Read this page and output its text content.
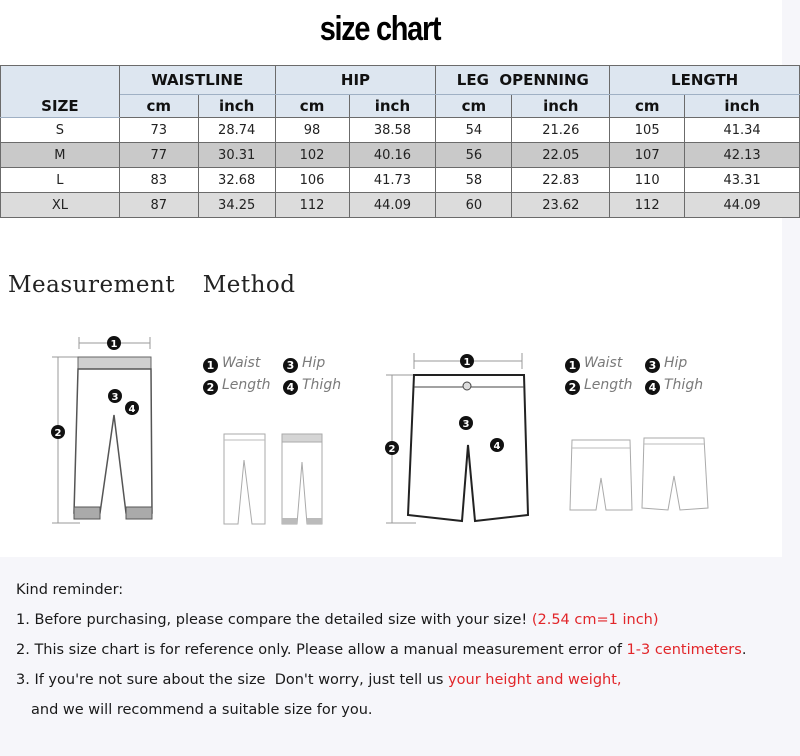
size chart
SIZE	WAISTLINE		HIP		LEG  OPENNING		LENGTH	
	cm	inch	cm	inch	cm	inch	cm	inch
S	73	28.74	98	38.58	54	21.26	105	41.34
M	77	30.31	102	40.16	56	22.05	107	42.13
L	83	32.68	106	41.73	58	22.83	110	43.31
XL	87	34.25	112	44.09	60	23.62	112	44.09
Measurement  Method
1
2
3
4
1 Waist 3 Hip
2 Length 4 Thigh
1
2
3
4
1 Waist 3 Hip
2 Length 4 Thigh

Kind reminder:

1. Before purchasing, please compare the detailed size with your size! (2.54 cm=1 inch)

2. This size chart is for reference only. Please allow a manual measurement error of 1-3 centimeters.

3. If you're not sure about the size  Don't worry, just tell us your height and weight,

and we will recommend a suitable size for you.
